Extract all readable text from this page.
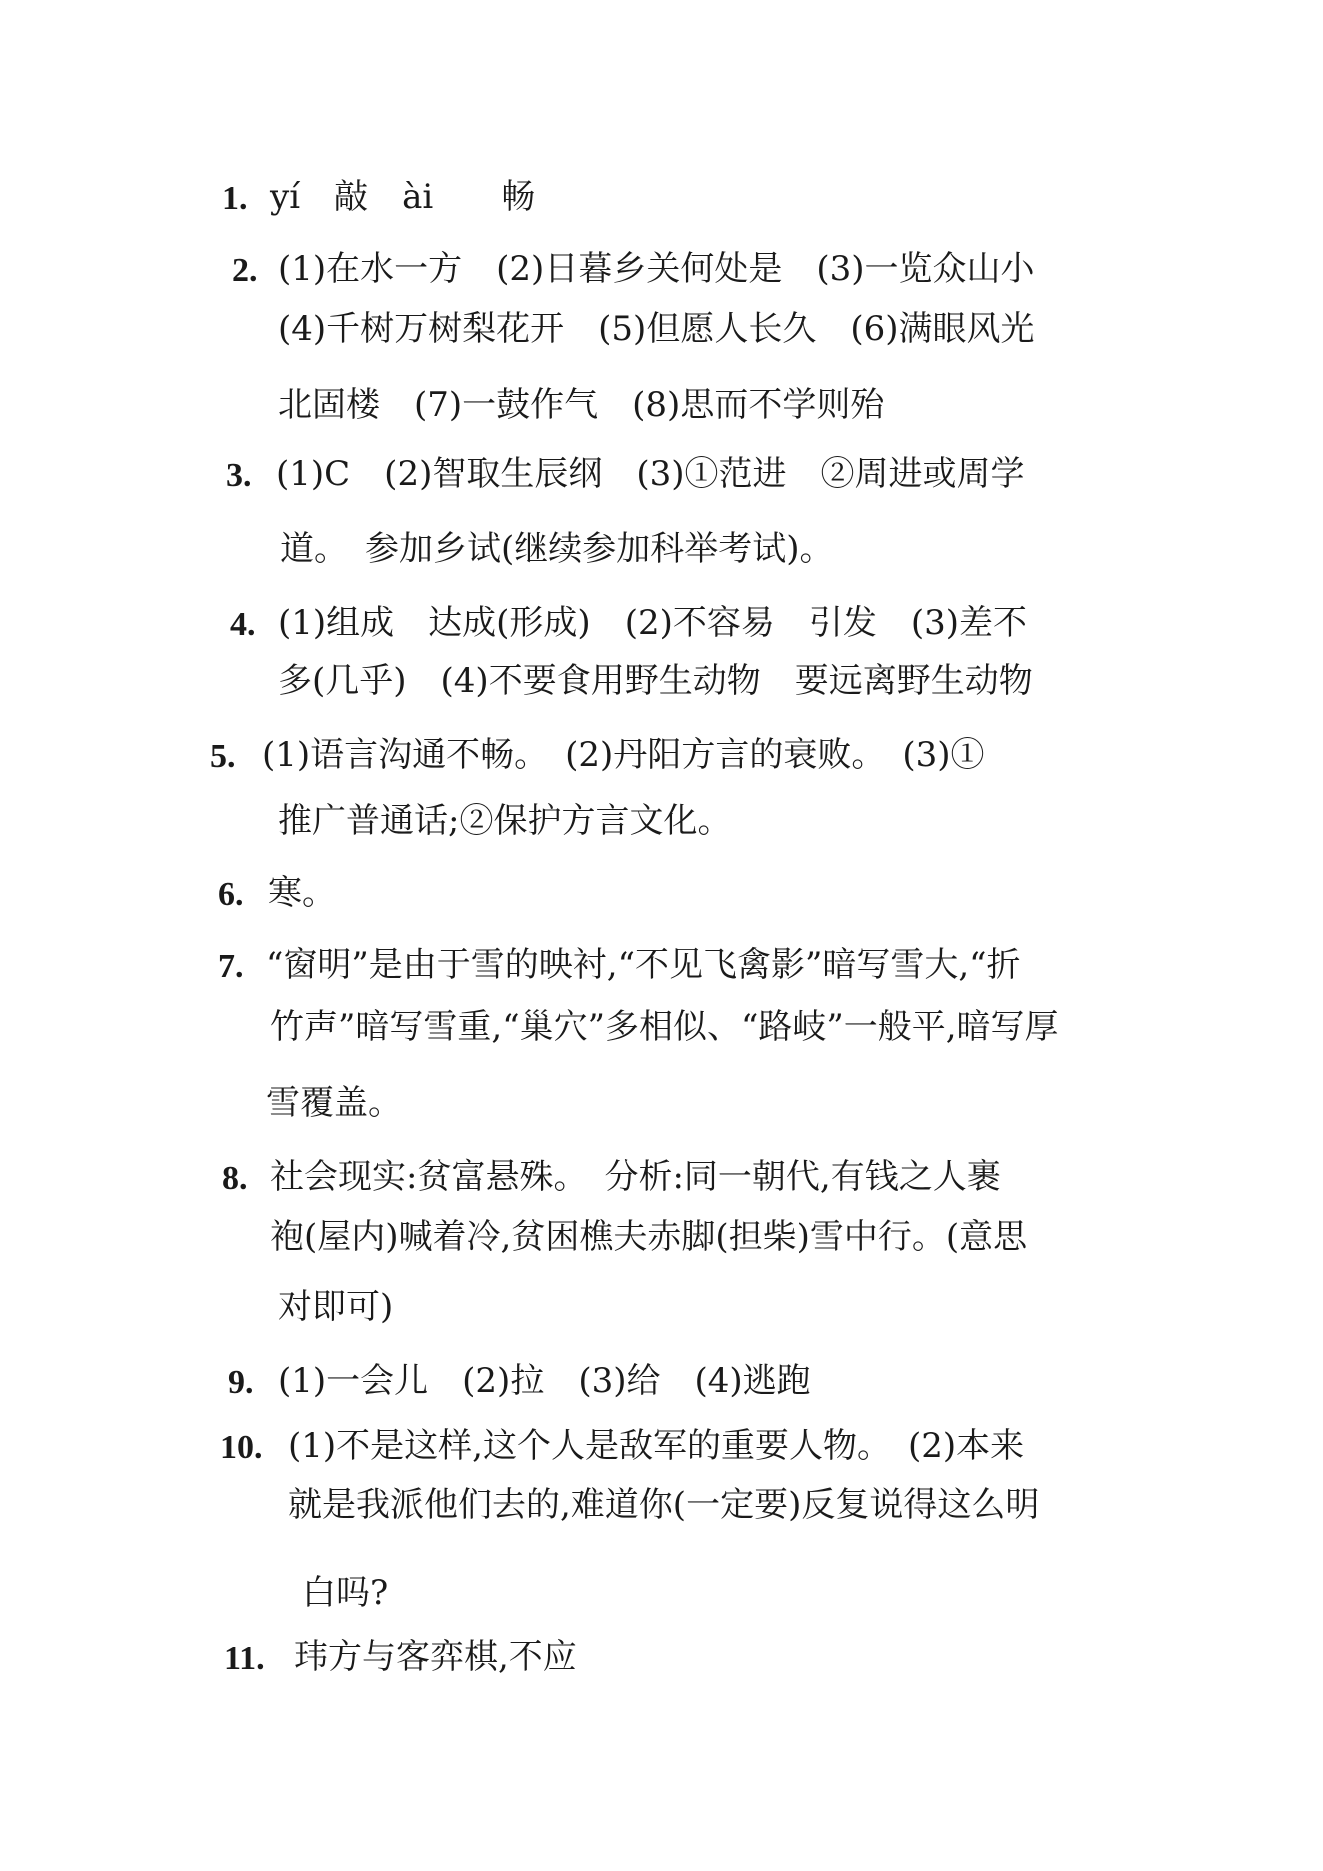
1. yí　敲　ài　　畅
2. (1)在水一方　(2)日暮乡关何处是　(3)一览众山小
(4)千树万树梨花开　(5)但愿人长久　(6)满眼风光
北固楼　(7)一鼓作气　(8)思而不学则殆
3. (1)C　(2)智取生辰纲　(3)①范进　②周进或周学
道。　参加乡试(继续参加科举考试)。
4. (1)组成　达成(形成)　(2)不容易　引发　(3)差不
多(几乎)　(4)不要食用野生动物　要远离野生动物
5. (1)语言沟通不畅。　(2)丹阳方言的衰败。　(3)①
推广普通话;②保护方言文化。
6. 寒。
7. “窗明”是由于雪的映衬,“不见飞禽影”暗写雪大,“折
竹声”暗写雪重,“巢穴”多相似、“路岐”一般平,暗写厚
雪覆盖。
8. 社会现实:贫富悬殊。　分析:同一朝代,有钱之人裹
袍(屋内)喊着冷,贫困樵夫赤脚(担柴)雪中行。(意思
对即可)
9. (1)一会儿　(2)拉　(3)给　(4)逃跑
10. (1)不是这样,这个人是敌军的重要人物。　(2)本来
就是我派他们去的,难道你(一定要)反复说得这么明
白吗?
11. 玮方与客弈棋,不应
